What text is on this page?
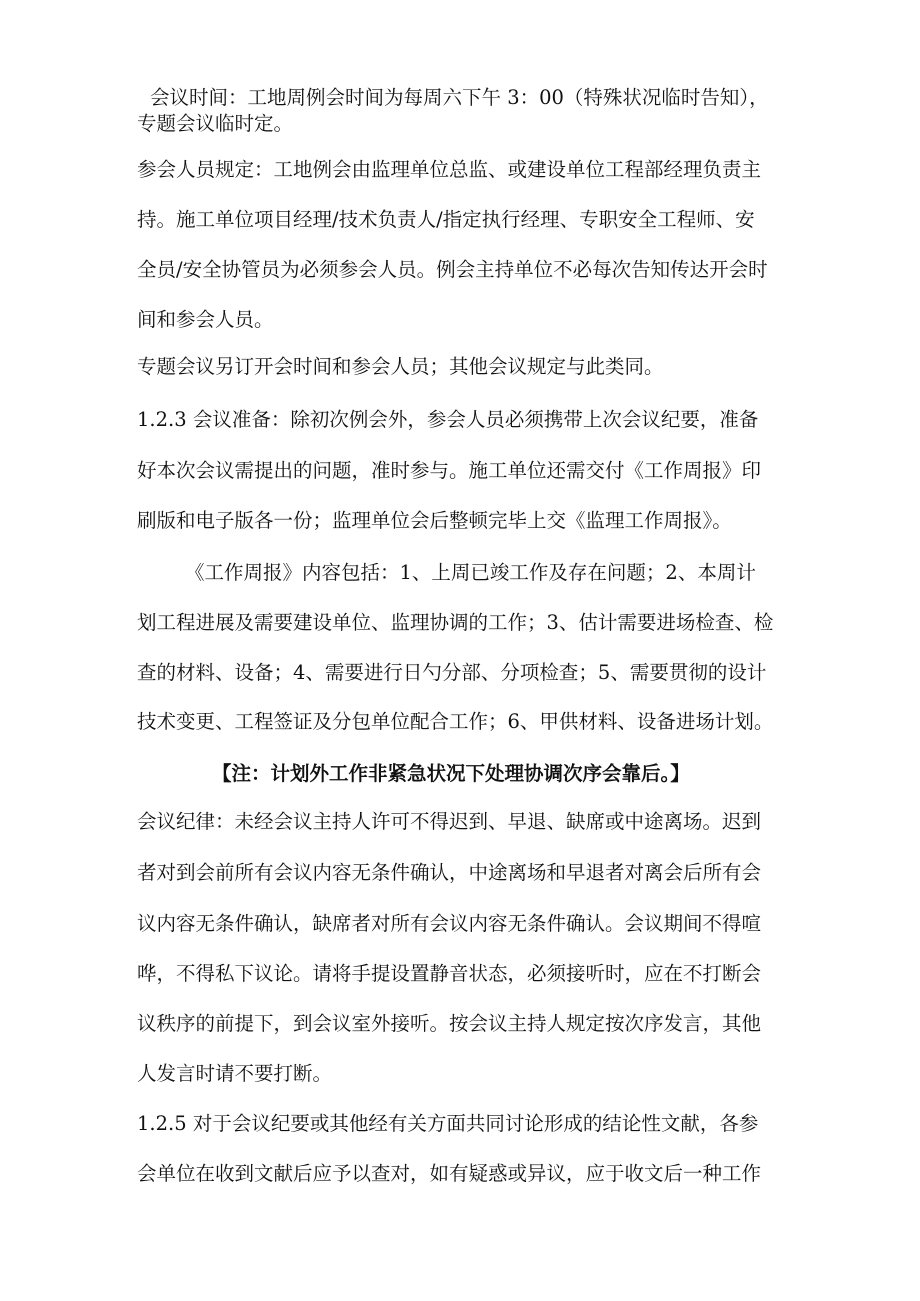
会议时间：工地周例会时间为每周六下午 3：00（特殊状况临时告知），
专题会议临时定。
参会人员规定：工地例会由监理单位总监、或建设单位工程部经理负责主
持。施工单位项目经理/技术负责人/指定执行经理、专职安全工程师、安
全员/安全协管员为必须参会人员。例会主持单位不必每次告知传达开会时
间和参会人员。
专题会议另订开会时间和参会人员；其他会议规定与此类同。
1.2.3 会议准备：除初次例会外，参会人员必须携带上次会议纪要，准备
好本次会议需提出的问题，准时参与。施工单位还需交付《工作周报》印
刷版和电子版各一份；监理单位会后整顿完毕上交《监理工作周报》。
《工作周报》内容包括：1、上周已竣工作及存在问题；2、本周计
划工程进展及需要建设单位、监理协调的工作；3、估计需要进场检查、检
查的材料、设备；4、需要进行日勺分部、分项检查；5、需要贯彻的设计
技术变更、工程签证及分包单位配合工作；6、甲供材料、设备进场计划。
【注：计划外工作非紧急状况下处理协调次序会靠后。】
会议纪律：未经会议主持人许可不得迟到、早退、缺席或中途离场。迟到
者对到会前所有会议内容无条件确认，中途离场和早退者对离会后所有会
议内容无条件确认，缺席者对所有会议内容无条件确认。会议期间不得喧
哗，不得私下议论。请将手提设置静音状态，必须接听时，应在不打断会
议秩序的前提下，到会议室外接听。按会议主持人规定按次序发言，其他
人发言时请不要打断。
1.2.5 对于会议纪要或其他经有关方面共同讨论形成的结论性文献，各参
会单位在收到文献后应予以查对，如有疑惑或异议，应于收文后一种工作
